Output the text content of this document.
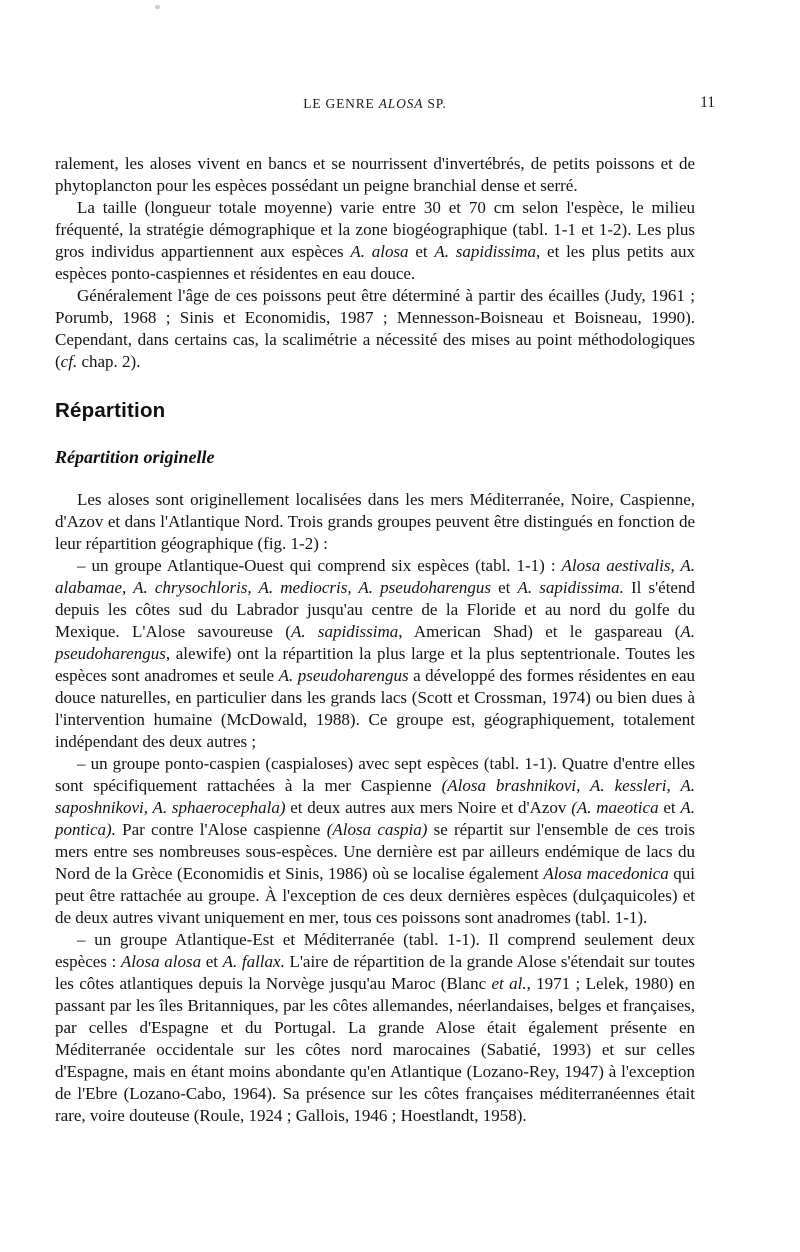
LE GENRE ALOSA SP.	11

ralement, les aloses vivent en bancs et se nourrissent d'invertébrés, de petits poissons et de phytoplancton pour les espèces possédant un peigne branchial dense et serré.

La taille (longueur totale moyenne) varie entre 30 et 70 cm selon l'espèce, le milieu fréquenté, la stratégie démographique et la zone biogéographique (tabl. 1-1 et 1-2). Les plus gros individus appartiennent aux espèces A. alosa et A. sapidissima, et les plus petits aux espèces ponto-caspiennes et résidentes en eau douce.

Généralement l'âge de ces poissons peut être déterminé à partir des écailles (Judy, 1961 ; Porumb, 1968 ; Sinis et Economidis, 1987 ; Mennesson-Boisneau et Boisneau, 1990). Cependant, dans certains cas, la scalimétrie a nécessité des mises au point méthodologiques (cf. chap. 2).

Répartition
Répartition originelle

Les aloses sont originellement localisées dans les mers Méditerranée, Noire, Caspienne, d'Azov et dans l'Atlantique Nord. Trois grands groupes peuvent être distingués en fonction de leur répartition géographique (fig. 1-2) :

– un groupe Atlantique-Ouest qui comprend six espèces (tabl. 1-1) : Alosa aestivalis, A. alabamae, A. chrysochloris, A. mediocris, A. pseudoharengus et A. sapidissima. Il s'étend depuis les côtes sud du Labrador jusqu'au centre de la Floride et au nord du golfe du Mexique. L'Alose savoureuse (A. sapidissima, American Shad) et le gaspareau (A. pseudoharengus, alewife) ont la répartition la plus large et la plus septentrionale. Toutes les espèces sont anadromes et seule A. pseudoharengus a développé des formes résidentes en eau douce naturelles, en particulier dans les grands lacs (Scott et Crossman, 1974) ou bien dues à l'intervention humaine (McDowald, 1988). Ce groupe est, géographiquement, totalement indépendant des deux autres ;

– un groupe ponto-caspien (caspialoses) avec sept espèces (tabl. 1-1). Quatre d'entre elles sont spécifiquement rattachées à la mer Caspienne (Alosa brashnikovi, A. kessleri, A. saposhnikovi, A. sphaerocephala) et deux autres aux mers Noire et d'Azov (A. maeotica et A. pontica). Par contre l'Alose caspienne (Alosa caspia) se répartit sur l'ensemble de ces trois mers entre ses nombreuses sous-espèces. Une dernière est par ailleurs endémique de lacs du Nord de la Grèce (Economidis et Sinis, 1986) où se localise également Alosa macedonica qui peut être rattachée au groupe. À l'exception de ces deux dernières espèces (dulçaquicoles) et de deux autres vivant uniquement en mer, tous ces poissons sont anadromes (tabl. 1-1).

– un groupe Atlantique-Est et Méditerranée (tabl. 1-1). Il comprend seulement deux espèces : Alosa alosa et A. fallax. L'aire de répartition de la grande Alose s'étendait sur toutes les côtes atlantiques depuis la Norvège jusqu'au Maroc (Blanc et al., 1971 ; Lelek, 1980) en passant par les îles Britanniques, par les côtes allemandes, néerlandaises, belges et françaises, par celles d'Espagne et du Portugal. La grande Alose était également présente en Méditerranée occidentale sur les côtes nord marocaines (Sabatié, 1993) et sur celles d'Espagne, mais en étant moins abondante qu'en Atlantique (Lozano-Rey, 1947) à l'exception de l'Ebre (Lozano-Cabo, 1964). Sa présence sur les côtes françaises méditerranéennes était rare, voire douteuse (Roule, 1924 ; Gallois, 1946 ; Hoestlandt, 1958).
